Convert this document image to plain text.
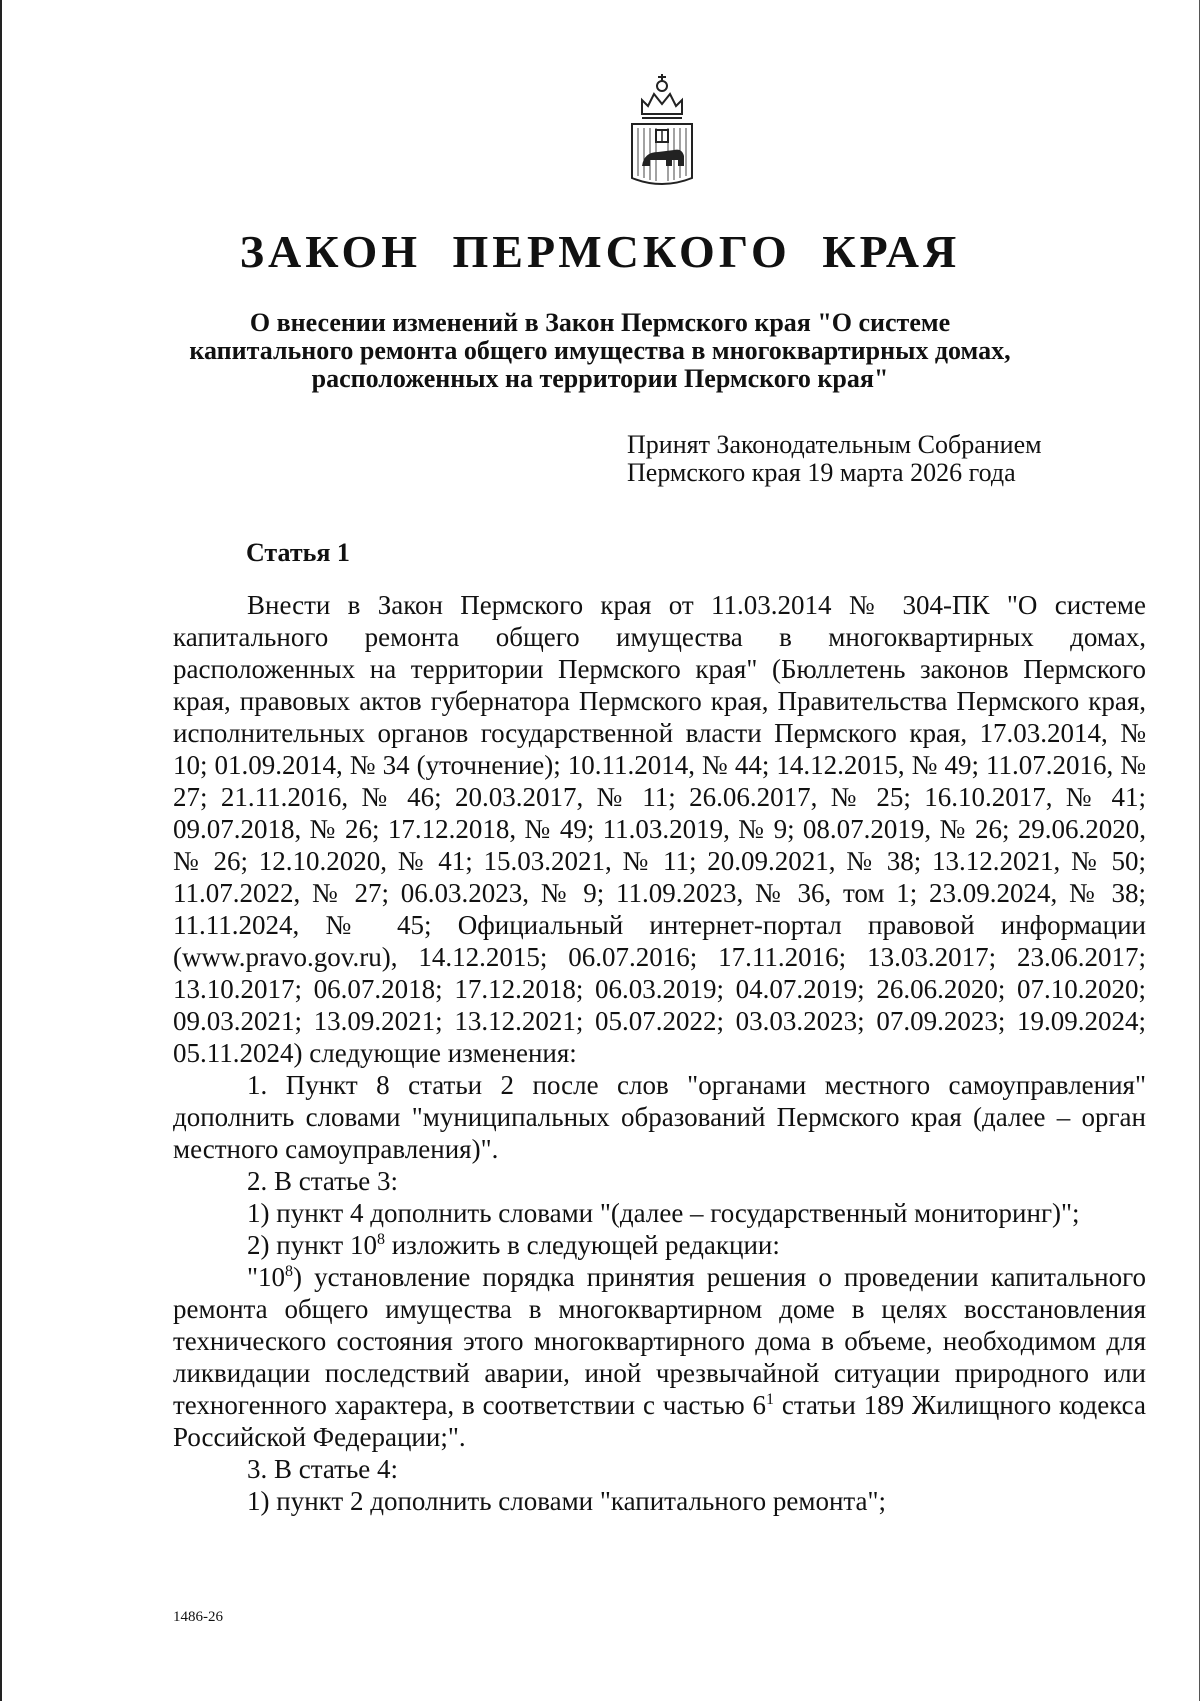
ЗАКОН ПЕРМСКОГО КРАЯ
О внесении изменений в Закон Пермского края "О системе
капитального ремонта общего имущества в многоквартирных домах,
расположенных на территории Пермского края"
Принят Законодательным Собранием
Пермского края 19 марта 2026 года
Статья 1

Внести в Закон Пермского края от 11.03.2014 № 304-ПК "О системе капитального ремонта общего имущества в многоквартирных домах, расположенных на территории Пермского края" (Бюллетень законов Пермского края, правовых актов губернатора Пермского края, Правительства Пермского края, исполнительных органов государственной власти Пермского края, 17.03.2014, № 10; 01.09.2014, № 34 (уточнение); 10.11.2014, № 44; 14.12.2015, № 49; 11.07.2016, № 27; 21.11.2016, № 46; 20.03.2017, № 11; 26.06.2017, № 25; 16.10.2017, № 41; 09.07.2018, № 26; 17.12.2018, № 49; 11.03.2019, № 9; 08.07.2019, № 26; 29.06.2020, № 26; 12.10.2020, № 41; 15.03.2021, № 11; 20.09.2021, № 38; 13.12.2021, № 50; 11.07.2022, № 27; 06.03.2023, № 9; 11.09.2023, № 36, том 1; 23.09.2024, № 38; 11.11.2024, № 45; Официальный интернет-портал правовой информации (www.pravo.gov.ru), 14.12.2015; 06.07.2016; 17.11.2016; 13.03.2017; 23.06.2017; 13.10.2017; 06.07.2018; 17.12.2018; 06.03.2019; 04.07.2019; 26.06.2020; 07.10.2020; 09.03.2021; 13.09.2021; 13.12.2021; 05.07.2022; 03.03.2023; 07.09.2023; 19.09.2024; 05.11.2024) следующие изменения:

1. Пункт 8 статьи 2 после слов "органами местного самоуправления" дополнить словами "муниципальных образований Пермского края (далее – орган местного самоуправления)".

2. В статье 3:

1) пункт 4 дополнить словами "(далее – государственный мониторинг)";

2) пункт $10^8$ изложить в следующей редакции:

"$10^8$) установление порядка принятия решения о проведении капитального ремонта общего имущества в многоквартирном доме в целях восстановления технического состояния этого многоквартирного дома в объеме, необходимом для ликвидации последствий аварии, иной чрезвычайной ситуации природного или техногенного характера, в соответствии с частью $6^1$ статьи 189 Жилищного кодекса Российской Федерации;".

3. В статье 4:

1) пункт 2 дополнить словами "капитального ремонта";

1486-26
